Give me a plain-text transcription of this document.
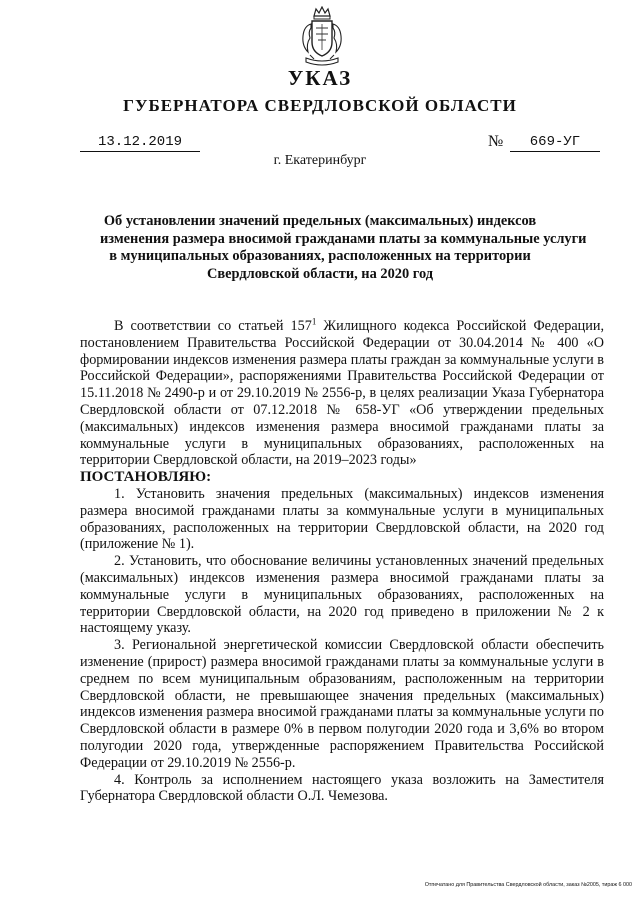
УКАЗ
ГУБЕРНАТОРА СВЕРДЛОВСКОЙ ОБЛАСТИ
13.12.2019	№	669-УГ
г. Екатеринбург
Об установлении значений предельных (максимальных) индексов
изменения размера вносимой гражданами платы за коммунальные услуги
в муниципальных образованиях, расположенных на территории
Свердловской области, на 2020 год

В соответствии со статьей $157^1$ Жилищного кодекса Российской Федерации, постановлением Правительства Российской Федерации от 30.04.2014 № 400 «О формировании индексов изменения размера платы граждан за коммунальные услуги в Российской Федерации», распоряжениями Правительства Российской Федерации от 15.11.2018 № 2490-р и от 29.10.2019 № 2556-р, в целях реализации Указа Губернатора Свердловской области от 07.12.2018 № 658-УГ «Об утверждении предельных (максимальных) индексов изменения размера вносимой гражданами платы за коммунальные услуги в муниципальных образованиях, расположенных на территории Свердловской области, на 2019–2023 годы»

ПОСТАНОВЛЯЮ:

1. Установить значения предельных (максимальных) индексов изменения размера вносимой гражданами платы за коммунальные услуги в муниципальных образованиях, расположенных на территории Свердловской области, на 2020 год (приложение № 1).

2. Установить, что обоснование величины установленных значений предельных (максимальных) индексов изменения размера вносимой гражданами платы за коммунальные услуги в муниципальных образованиях, расположенных на территории Свердловской области, на 2020 год приведено в приложении № 2 к настоящему указу.

3. Региональной энергетической комиссии Свердловской области обеспечить изменение (прирост) размера вносимой гражданами платы за коммунальные услуги в среднем по всем муниципальным образованиям, расположенным на территории Свердловской области, не превышающее значения предельных (максимальных) индексов изменения размера вносимой гражданами платы за коммунальные услуги по Свердловской области в размере 0% в первом полугодии 2020 года и 3,6% во втором полугодии 2020 года, утвержденные распоряжением Правительства Российской Федерации от 29.10.2019 № 2556-р.

4. Контроль за исполнением настоящего указа возложить на Заместителя Губернатора Свердловской области О.Л. Чемезова.

Отпечатано для Правительства Свердловской области, заказ №2005, тираж 6 000
